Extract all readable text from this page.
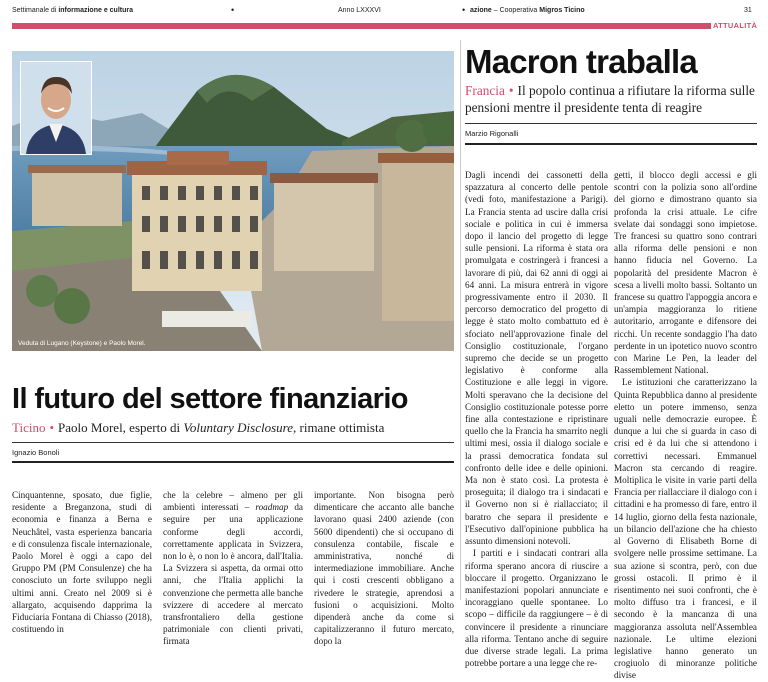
Settimanale di informazione e cultura	•	Anno LXXXVI	• azione – Cooperativa Migros Ticino	31
ATTUALITÀ
Veduta di Lugano (Keystone) e Paolo Morel.
Il futuro del settore finanziario
Ticino • Paolo Morel, esperto di Voluntary Disclosure, rimane ottimista
Ignazio Bonoli

Cinquantenne, sposato, due figlie, residente a Breganzona, studi di economia e finanza a Berna e Neuchâtel, vasta esperienza bancaria e di consulenza fiscale internazionale, Paolo Morel è oggi a capo del Gruppo PM (PM Consulenze) che ha conosciuto un forte sviluppo negli ultimi anni. Creato nel 2009 si è allargato, acquisendo dapprima la Fiduciaria Fontana di Chiasso (2018), costituendo in

che la celebre – almeno per gli ambienti interessati – roadmap da seguire per una applicazione conforme degli accordi, correttamente applicata in Svizzera, non lo è, o non lo è ancora, dall'Italia. La Svizzera si aspetta, da ormai otto anni, che l'Italia applichi la convenzione che permetta alle banche svizzere di accedere al mercato transfrontaliero della gestione patrimoniale con clienti privati, firmata

importante. Non bisogna però dimenticare che accanto alle banche lavorano quasi 2400 aziende (con 5600 dipendenti) che si occupano di consulenza contabile, fiscale e amministrativa, nonché di intermediazione immobiliare. Anche qui i costi crescenti obbligano a rivedere le strategie, aprendosi a fusioni o acquisizioni. Molto dipenderà anche da come si capitalizzeranno il futuro mercato, dopo la

Macron traballa
Francia • Il popolo continua a rifiutare la riforma sulle pensioni mentre il presidente tenta di reagire
Marzio Rigonalli

Dagli incendi dei cassonetti della spazzatura al concerto delle pentole (vedi foto, manifestazione a Parigi). La Francia stenta ad uscire dalla crisi sociale e politica in cui è immersa dopo il lancio del progetto di legge sulle pensioni. La riforma è stata ora promulgata e costringerà i francesi a lavorare di più, dai 62 anni di oggi ai 64 anni. La misura entrerà in vigore progressivamente entro il 2030. Il percorso democratico del progetto di legge è stato molto combattuto ed è sfociato nell'approvazione finale del Consiglio costituzionale, l'organo supremo che decide se un progetto legislativo è conforme alla Costituzione e alle leggi in vigore. Molti speravano che la decisione del Consiglio costituzionale potesse porre fine alla contestazione e ripristinare quello che la Francia ha smarrito negli ultimi mesi, ossia il dialogo sociale e la prassi democratica fondata sul confronto delle idee e delle opinioni. Ma non è stato così. La protesta è proseguita; il dialogo tra i sindacati e il Governo non si è riallacciato; il baratro che separa il presidente e l'Esecutivo dall'opinione pubblica ha assunto dimensioni notevoli.

I partiti e i sindacati contrari alla riforma sperano ancora di riuscire a bloccare il progetto. Organizzano le manifestazioni popolari annunciate e incoraggiano quelle spontanee. Lo scopo – difficile da raggiungere – è di convincere il presidente a rinunciare alla riforma. Tentano anche di seguire due diverse strade legali. La prima potrebbe portare a una legge che re-

getti, il blocco degli accessi e gli scontri con la polizia sono all'ordine del giorno e dimostrano quanto sia profonda la crisi attuale. Le cifre svelate dai sondaggi sono impietose. Tre francesi su quattro sono contrari alla riforma delle pensioni e non hanno fiducia nel Governo. La popolarità del presidente Macron è scesa a livelli molto bassi. Soltanto un francese su quattro l'appoggia ancora e un'ampia maggioranza lo ritiene autoritario, arrogante e difensore dei ricchi. Un recente sondaggio l'ha dato perdente in un ipotetico nuovo scontro con Marine Le Pen, la leader del Rassemblement National.

Le istituzioni che caratterizzano la Quinta Repubblica danno al presidente eletto un potere immenso, senza uguali nelle democrazie europee. È dunque a lui che si guarda in caso di crisi ed è da lui che si attendono i correttivi necessari. Emmanuel Macron sta cercando di reagire. Moltiplica le visite in varie parti della Francia per riallacciare il dialogo con i cittadini e ha promesso di fare, entro il 14 luglio, giorno della festa nazionale, un bilancio dell'azione che ha chiesto al Governo di Elisabeth Borne di svolgere nelle prossime settimane. La sua azione si scontra, però, con due grossi ostacoli. Il primo è il risentimento nei suoi confronti, che è molto diffuso tra i francesi, e il secondo è la mancanza di una maggioranza assoluta nell'Assemblea nazionale. Le ultime elezioni legislative hanno generato un crogiuolo di minoranze politiche divise
